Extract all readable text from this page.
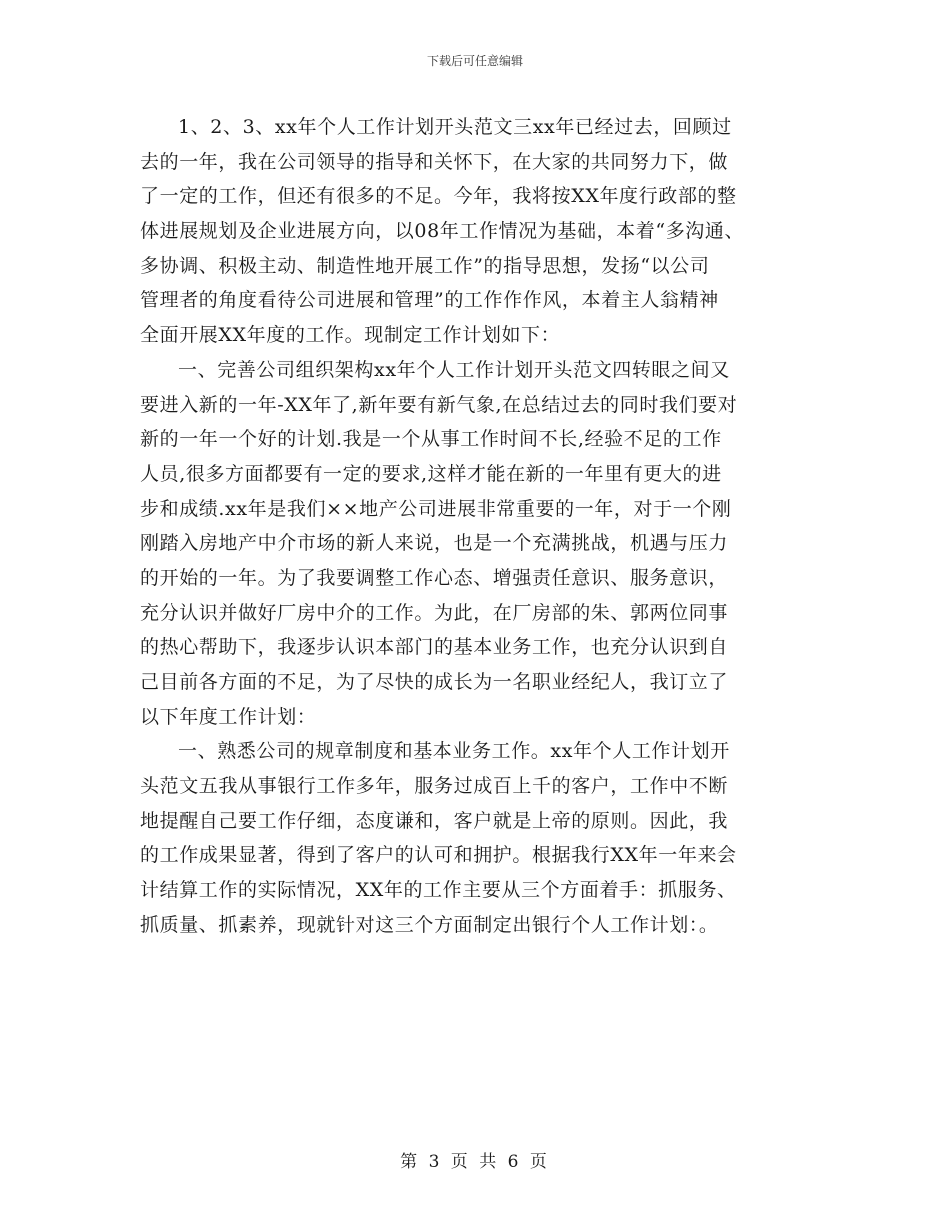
下载后可任意编辑
1、2、3、xx年个人工作计划开头范文三xx年已经过去，回顾过
去的一年，我在公司领导的指导和关怀下，在大家的共同努力下，做
了一定的工作，但还有很多的不足。今年，我将按XX年度行政部的整
体进展规划及企业进展方向，以08年工作情况为基础，本着“多沟通、
多协调、积极主动、制造性地开展工作”的指导思想，发扬“以公司
管理者的角度看待公司进展和管理”的工作作作风，本着主人翁精神
全面开展XX年度的工作。现制定工作计划如下：
一、完善公司组织架构xx年个人工作计划开头范文四转眼之间又
要进入新的一年-XX年了,新年要有新气象,在总结过去的同时我们要对
新的一年一个好的计划.我是一个从事工作时间不长,经验不足的工作
人员,很多方面都要有一定的要求,这样才能在新的一年里有更大的进
步和成绩.xx年是我们××地产公司进展非常重要的一年，对于一个刚
刚踏入房地产中介市场的新人来说，也是一个充满挑战，机遇与压力
的开始的一年。为了我要调整工作心态、增强责任意识、服务意识，
充分认识并做好厂房中介的工作。为此，在厂房部的朱、郭两位同事
的热心帮助下，我逐步认识本部门的基本业务工作，也充分认识到自
己目前各方面的不足，为了尽快的成长为一名职业经纪人，我订立了
以下年度工作计划：
一、熟悉公司的规章制度和基本业务工作。xx年个人工作计划开
头范文五我从事银行工作多年，服务过成百上千的客户，工作中不断
地提醒自己要工作仔细，态度谦和，客户就是上帝的原则。因此，我
的工作成果显著，得到了客户的认可和拥护。根据我行XX年一年来会
计结算工作的实际情况，XX年的工作主要从三个方面着手：抓服务、
抓质量、抓素养，现就针对这三个方面制定出银行个人工作计划：。
第 3 页 共 6 页
